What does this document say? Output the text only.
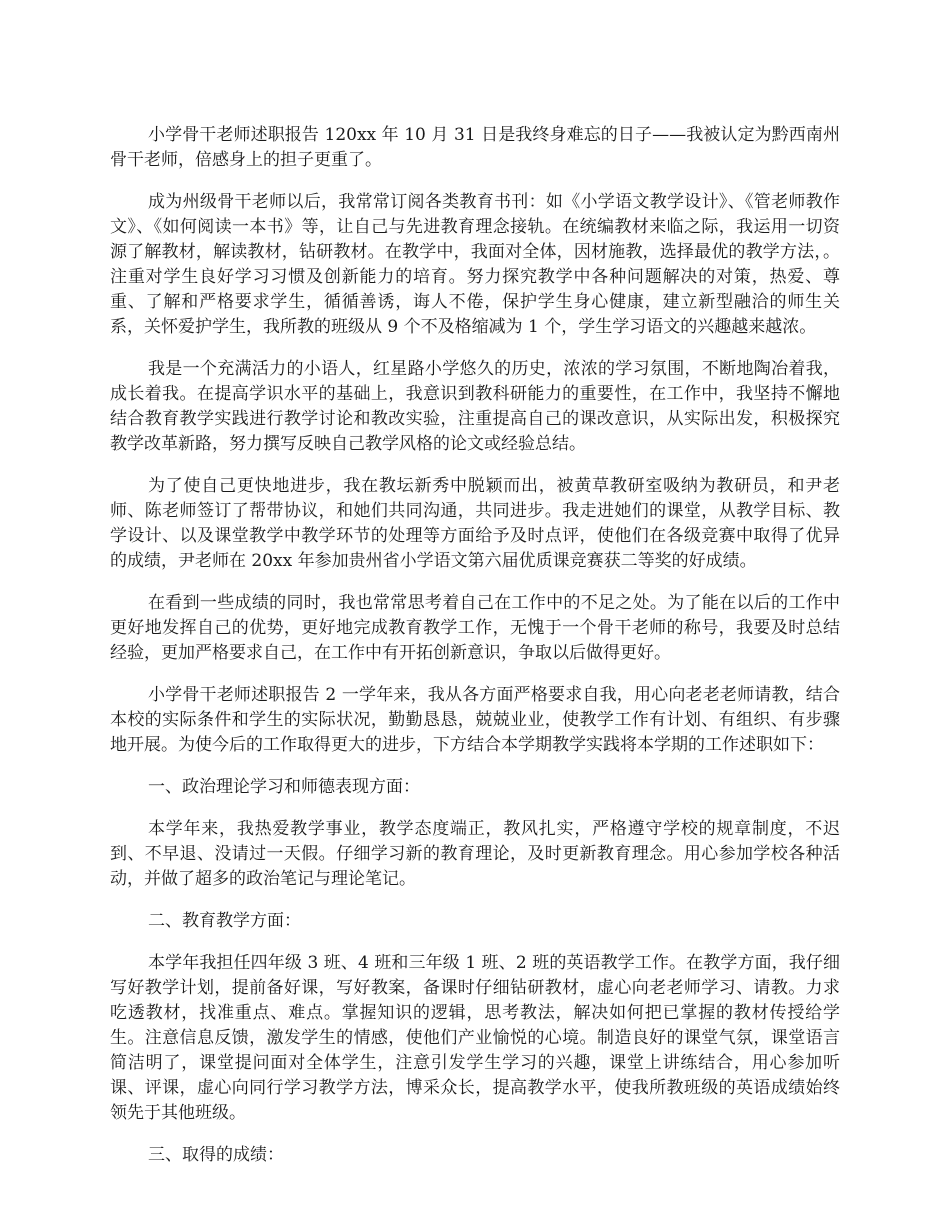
小学骨干老师述职报告 120xx 年 10 月 31 日是我终身难忘的日子——我被认定为黔西南州骨干老师，倍感身上的担子更重了。

成为州级骨干老师以后，我常常订阅各类教育书刊：如《小学语文教学设计》、《管老师教作文》、《如何阅读一本书》等，让自己与先进教育理念接轨。在统编教材来临之际，我运用一切资源了解教材，解读教材，钻研教材。在教学中，我面对全体，因材施教，选择最优的教学方法，。注重对学生良好学习习惯及创新能力的培育。努力探究教学中各种问题解决的对策，热爱、尊重、了解和严格要求学生，循循善诱，诲人不倦，保护学生身心健康，建立新型融洽的师生关系，关怀爱护学生，我所教的班级从 9 个不及格缩减为 1 个，学生学习语文的兴趣越来越浓。

我是一个充满活力的小语人，红星路小学悠久的历史，浓浓的学习氛围，不断地陶冶着我，成长着我。在提高学识水平的基础上，我意识到教科研能力的重要性，在工作中，我坚持不懈地结合教育教学实践进行教学讨论和教改实验，注重提高自己的课改意识，从实际出发，积极探究教学改革新路，努力撰写反映自己教学风格的论文或经验总结。

为了使自己更快地进步，我在教坛新秀中脱颖而出，被黄草教研室吸纳为教研员，和尹老师、陈老师签订了帮带协议，和她们共同沟通，共同进步。我走进她们的课堂，从教学目标、教学设计、以及课堂教学中教学环节的处理等方面给予及时点评，使他们在各级竞赛中取得了优异的成绩，尹老师在 20xx 年参加贵州省小学语文第六届优质课竞赛获二等奖的好成绩。

在看到一些成绩的同时，我也常常思考着自己在工作中的不足之处。为了能在以后的工作中更好地发挥自己的优势，更好地完成教育教学工作，无愧于一个骨干老师的称号，我要及时总结经验，更加严格要求自己，在工作中有开拓创新意识，争取以后做得更好。

小学骨干老师述职报告 2 一学年来，我从各方面严格要求自我，用心向老老老师请教，结合本校的实际条件和学生的实际状况，勤勤恳恳，兢兢业业，使教学工作有计划、有组织、有步骤地开展。为使今后的工作取得更大的进步，下方结合本学期教学实践将本学期的工作述职如下：

一、政治理论学习和师德表现方面：

本学年来，我热爱教学事业，教学态度端正，教风扎实，严格遵守学校的规章制度，不迟到、不早退、没请过一天假。仔细学习新的教育理论，及时更新教育理念。用心参加学校各种活动，并做了超多的政治笔记与理论笔记。

二、教育教学方面：

本学年我担任四年级 3 班、4 班和三年级 1 班、2 班的英语教学工作。在教学方面，我仔细写好教学计划，提前备好课，写好教案，备课时仔细钻研教材，虚心向老老师学习、请教。力求吃透教材，找准重点、难点。掌握知识的逻辑，思考教法，解决如何把已掌握的教材传授给学生。注意信息反馈，激发学生的情感，使他们产业愉悦的心境。制造良好的课堂气氛，课堂语言简洁明了，课堂提问面对全体学生，注意引发学生学习的兴趣，课堂上讲练结合，用心参加听课、评课，虚心向同行学习教学方法，博采众长，提高教学水平，使我所教班级的英语成绩始终领先于其他班级。

三、取得的成绩：
